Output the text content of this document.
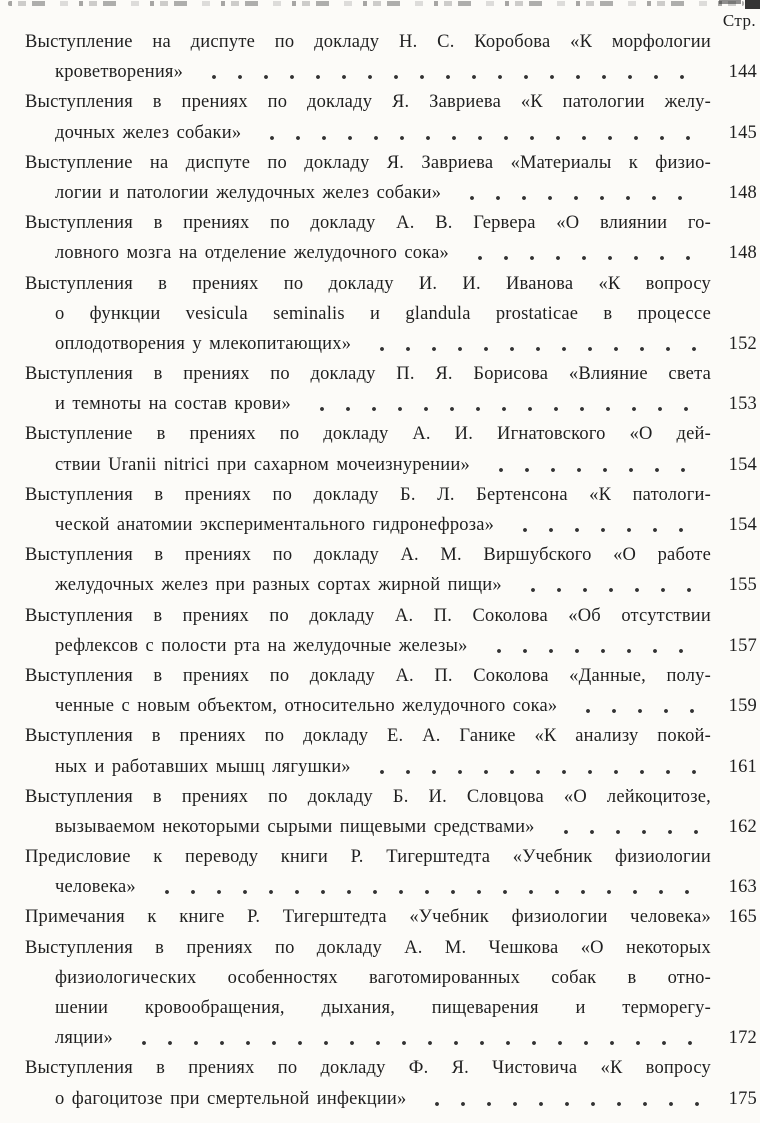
Стр.
Выступление на диспуте по докладу Н. С. Коробова «К морфологии
кроветворения»	144
Выступления в прениях по докладу Я. Завриева «К патологии желу-
дочных желез собаки»	145
Выступление на диспуте по докладу Я. Завриева «Материалы к физио-
логии и патологии желудочных желез собаки»	148
Выступления в прениях по докладу А. В. Гервера «О влиянии го-
ловного мозга на отделение желудочного сока»	148
Выступления в прениях по докладу И. И. Иванова «К вопросу
о функции vesicula seminalis и glandula prostaticae в процессе
оплодотворения у млекопитающих»	152
Выступления в прениях по докладу П. Я. Борисова «Влияние света
и темноты на состав крови»	153
Выступление в прениях по докладу А. И. Игнатовского «О дей-
ствии Uranii nitrici при сахарном мочеизнурении»	154
Выступления в прениях по докладу Б. Л. Бертенсона «К патологи-
ческой анатомии экспериментального гидронефроза»	154
Выступления в прениях по докладу А. М. Виршубского «О работе
желудочных желез при разных сортах жирной пищи»	155
Выступления в прениях по докладу А. П. Соколова «Об отсутствии
рефлексов с полости рта на желудочные железы»	157
Выступления в прениях по докладу А. П. Соколова «Данные, полу-
ченные с новым объектом, относительно желудочного сока»	159
Выступления в прениях по докладу Е. А. Ганике «К анализу покой-
ных и работавших мышц лягушки»	161
Выступления в прениях по докладу Б. И. Словцова «О лейкоцитозе,
вызываемом некоторыми сырыми пищевыми средствами»	162
Предисловие к переводу книги Р. Тигерштедта «Учебник физиологии
человека»	163
Примечания к книге Р. Тигерштедта «Учебник физиологии человека» 165
Выступления в прениях по докладу А. М. Чешкова «О некоторых
физиологических особенностях ваготомированных собак в отно-
шении кровообращения, дыхания, пищеварения и терморегу-
ляции»	172
Выступления в прениях по докладу Ф. Я. Чистовича «К вопросу
о фагоцитозе при смертельной инфекции»	175
